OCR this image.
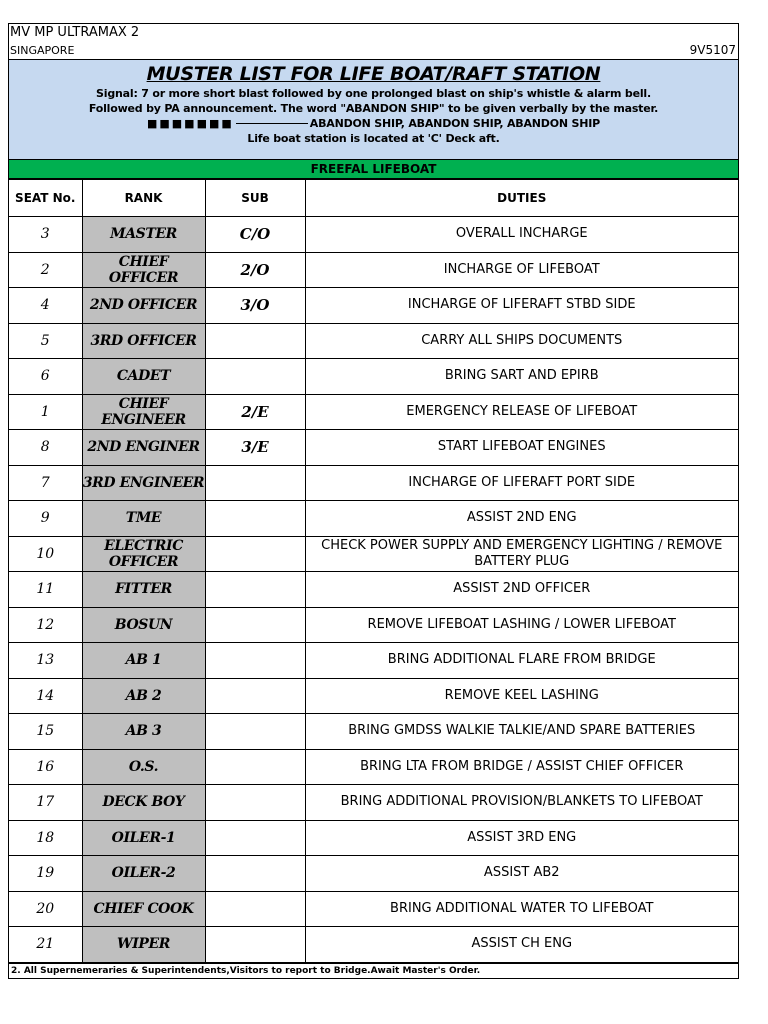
MV MP ULTRAMAX 2
SINGAPORE	9V5107
MUSTER LIST FOR LIFE BOAT/RAFT STATION
Signal: 7 or more short blast followed by one prolonged blast on ship's whistle & alarm bell.
Followed by PA announcement. The word "ABANDON SHIP" to be given verbally by the master.
■■■■■■■	ABANDON SHIP, ABANDON SHIP, ABANDON SHIP
Life boat station is located at 'C' Deck aft.
FREEFAL LIFEBOAT
SEAT No.	RANK	SUB	DUTIES
3	MASTER	C/O	OVERALL INCHARGE
2	CHIEF OFFICER	2/O	INCHARGE OF LIFEBOAT
4	2ND OFFICER	3/O	INCHARGE OF LIFERAFT STBD SIDE
5	3RD OFFICER		CARRY ALL SHIPS DOCUMENTS
6	CADET		BRING SART AND EPIRB
1	CHIEF ENGINEER	2/E	EMERGENCY RELEASE OF LIFEBOAT
8	2ND ENGINER	3/E	START LIFEBOAT ENGINES
7	3RD ENGINEER		INCHARGE OF LIFERAFT PORT SIDE
9	TME		ASSIST 2ND ENG
10	ELECTRIC OFFICER		CHECK POWER SUPPLY AND EMERGENCY LIGHTING / REMOVE BATTERY PLUG
11	FITTER		ASSIST 2ND OFFICER
12	BOSUN		REMOVE LIFEBOAT LASHING / LOWER LIFEBOAT
13	AB 1		BRING ADDITIONAL FLARE FROM BRIDGE
14	AB 2		REMOVE KEEL LASHING
15	AB 3		BRING GMDSS WALKIE TALKIE/AND SPARE BATTERIES
16	O.S.		BRING LTA FROM BRIDGE / ASSIST CHIEF OFFICER
17	DECK BOY		BRING ADDITIONAL PROVISION/BLANKETS TO LIFEBOAT
18	OILER-1		ASSIST 3RD ENG
19	OILER-2		ASSIST AB2
20	CHIEF COOK		BRING ADDITIONAL WATER TO LIFEBOAT
21	WIPER		ASSIST CH ENG
2. All Supernemeraries & Superintendents,Visitors to report to Bridge.Await Master's Order.
